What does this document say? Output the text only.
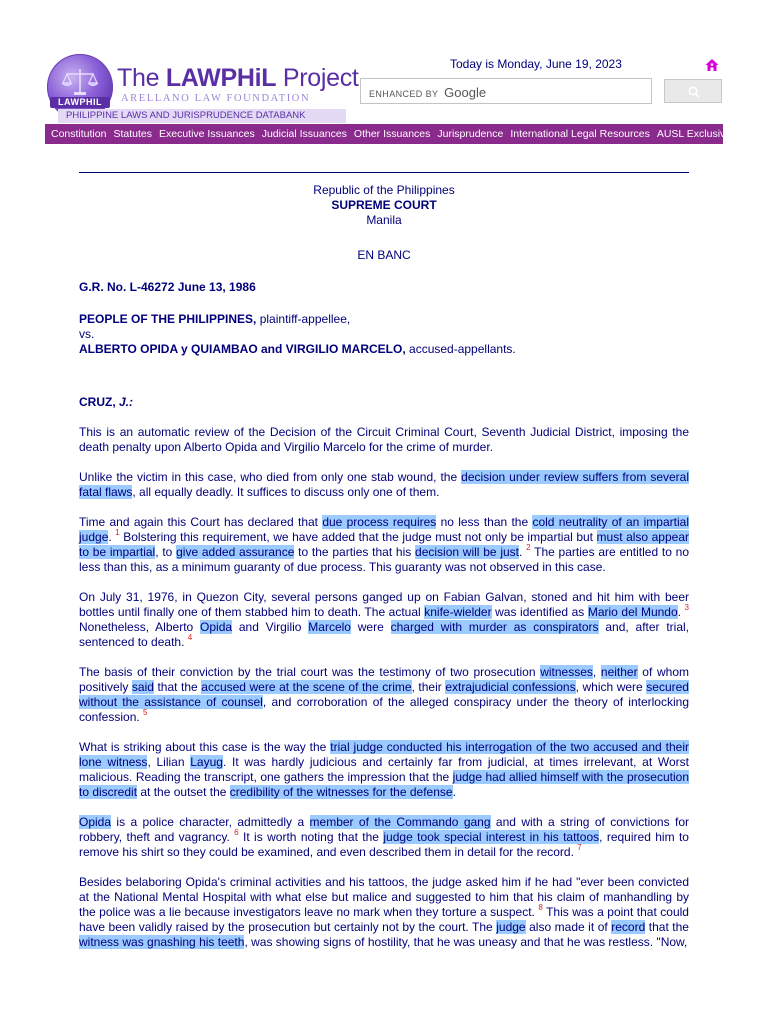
LAWPHIL
The LAWPHiL Project
ARELLANO LAW FOUNDATION
PHILIPPINE LAWS AND JURISPRUDENCE DATABANK
Today is Monday, June 19, 2023
ENHANCED BY Google
Constitution Statutes Executive Issuances Judicial Issuances Other Issuances Jurisprudence International Legal Resources AUSL Exclusive
Republic of the Philippines
SUPREME COURT
Manila
EN BANC
G.R. No. L-46272 June 13, 1986
PEOPLE OF THE PHILIPPINES, plaintiff-appellee,
vs.
ALBERTO OPIDA y QUIAMBAO and VIRGILIO MARCELO, accused-appellants.
CRUZ, J.:

This is an automatic review of the Decision of the Circuit Criminal Court, Seventh Judicial District, imposing the death penalty upon Alberto Opida and Virgilio Marcelo for the crime of murder.

Unlike the victim in this case, who died from only one stab wound, the decision under review suffers from several fatal flaws, all equally deadly. It suffices to discuss only one of them.

Time and again this Court has declared that due process requires no less than the cold neutrality of an impartial judge. $^1$ Bolstering this requirement, we have added that the judge must not only be impartial but must also appear to be impartial, to give added assurance to the parties that his decision will be just. $^2$ The parties are entitled to no less than this, as a minimum guaranty of due process. This guaranty was not observed in this case.

On July 31, 1976, in Quezon City, several persons ganged up on Fabian Galvan, stoned and hit him with beer bottles until finally one of them stabbed him to death. The actual knife-wielder was identified as Mario del Mundo. $^3$ Nonetheless, Alberto Opida and Virgilio Marcelo were charged with murder as conspirators and, after trial, sentenced to death. $^4$

The basis of their conviction by the trial court was the testimony of two prosecution witnesses, neither of whom positively said that the accused were at the scene of the crime, their extrajudicial confessions, which were secured without the assistance of counsel, and corroboration of the alleged conspiracy under the theory of interlocking confession. $^5$

What is striking about this case is the way the trial judge conducted his interrogation of the two accused and their lone witness, Lilian Layug. It was hardly judicious and certainly far from judicial, at times irrelevant, at Worst malicious. Reading the transcript, one gathers the impression that the judge had allied himself with the prosecution to discredit at the outset the credibility of the witnesses for the defense.

Opida is a police character, admittedly a member of the Commando gang and with a string of convictions for robbery, theft and vagrancy. $^6$ It is worth noting that the judge took special interest in his tattoos, required him to remove his shirt so they could be examined, and even described them in detail for the record. $^7$

Besides belaboring Opida's criminal activities and his tattoos, the judge asked him if he had "ever been convicted at the National Mental Hospital with what else but malice and suggested to him that his claim of manhandling by the police was a lie because investigators leave no mark when they torture a suspect. $^8$ This was a point that could have been validly raised by the prosecution but certainly not by the court. The judge also made it of record that the witness was gnashing his teeth, was showing signs of hostility, that he was uneasy and that he was restless. "Now,
